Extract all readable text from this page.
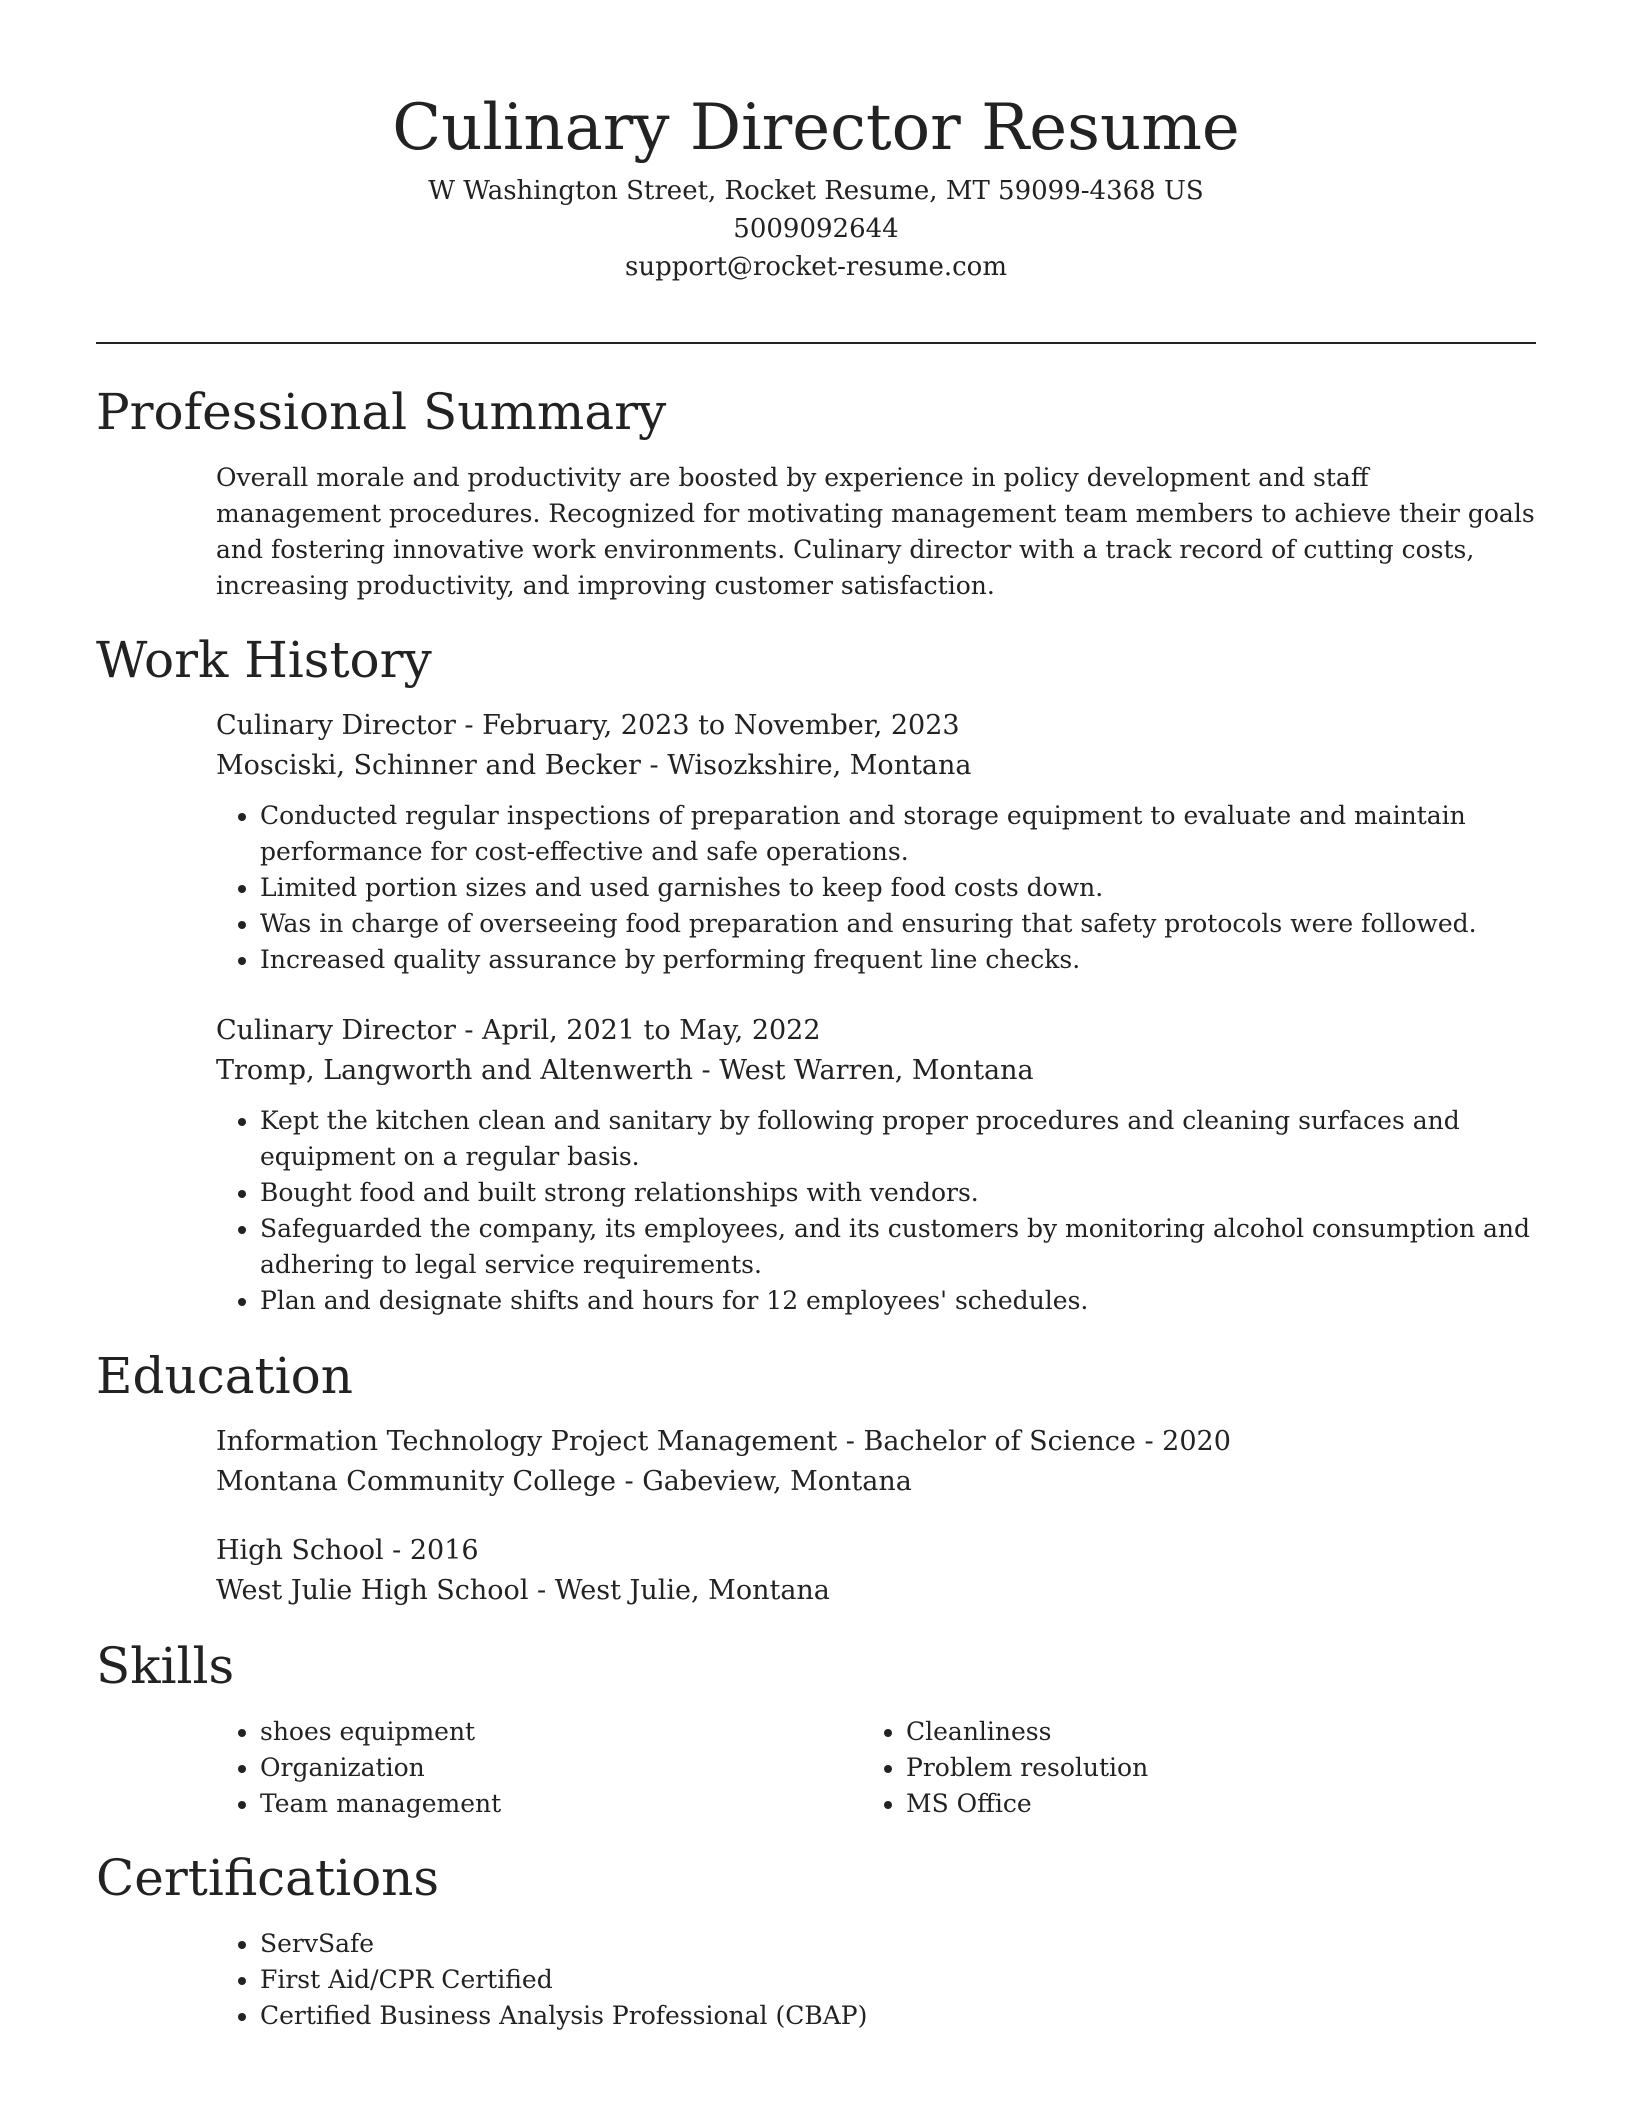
Culinary Director Resume
W Washington Street, Rocket Resume, MT 59099-4368 US
5009092644
support@rocket-resume.com
Professional Summary

Overall morale and productivity are boosted by experience in policy development and staff management procedures. Recognized for motivating management team members to achieve their goals and fostering innovative work environments. Culinary director with a track record of cutting costs, increasing productivity, and improving customer satisfaction.

Work History
Culinary Director - February, 2023 to November, 2023
Mosciski, Schinner and Becker - Wisozkshire, Montana
• Conducted regular inspections of preparation and storage equipment to evaluate and maintain performance for cost-effective and safe operations.
• Limited portion sizes and used garnishes to keep food costs down.
• Was in charge of overseeing food preparation and ensuring that safety protocols were followed.
• Increased quality assurance by performing frequent line checks.
Culinary Director - April, 2021 to May, 2022
Tromp, Langworth and Altenwerth - West Warren, Montana
• Kept the kitchen clean and sanitary by following proper procedures and cleaning surfaces and equipment on a regular basis.
• Bought food and built strong relationships with vendors.
• Safeguarded the company, its employees, and its customers by monitoring alcohol consumption and adhering to legal service requirements.
• Plan and designate shifts and hours for 12 employees' schedules.
Education
Information Technology Project Management - Bachelor of Science - 2020
Montana Community College - Gabeview, Montana
High School - 2016
West Julie High School - West Julie, Montana
Skills
• shoes equipment
• Organization
• Team management
• Cleanliness
• Problem resolution
• MS Office
Certifications
• ServSafe
• First Aid/CPR Certified
• Certified Business Analysis Professional (CBAP)
